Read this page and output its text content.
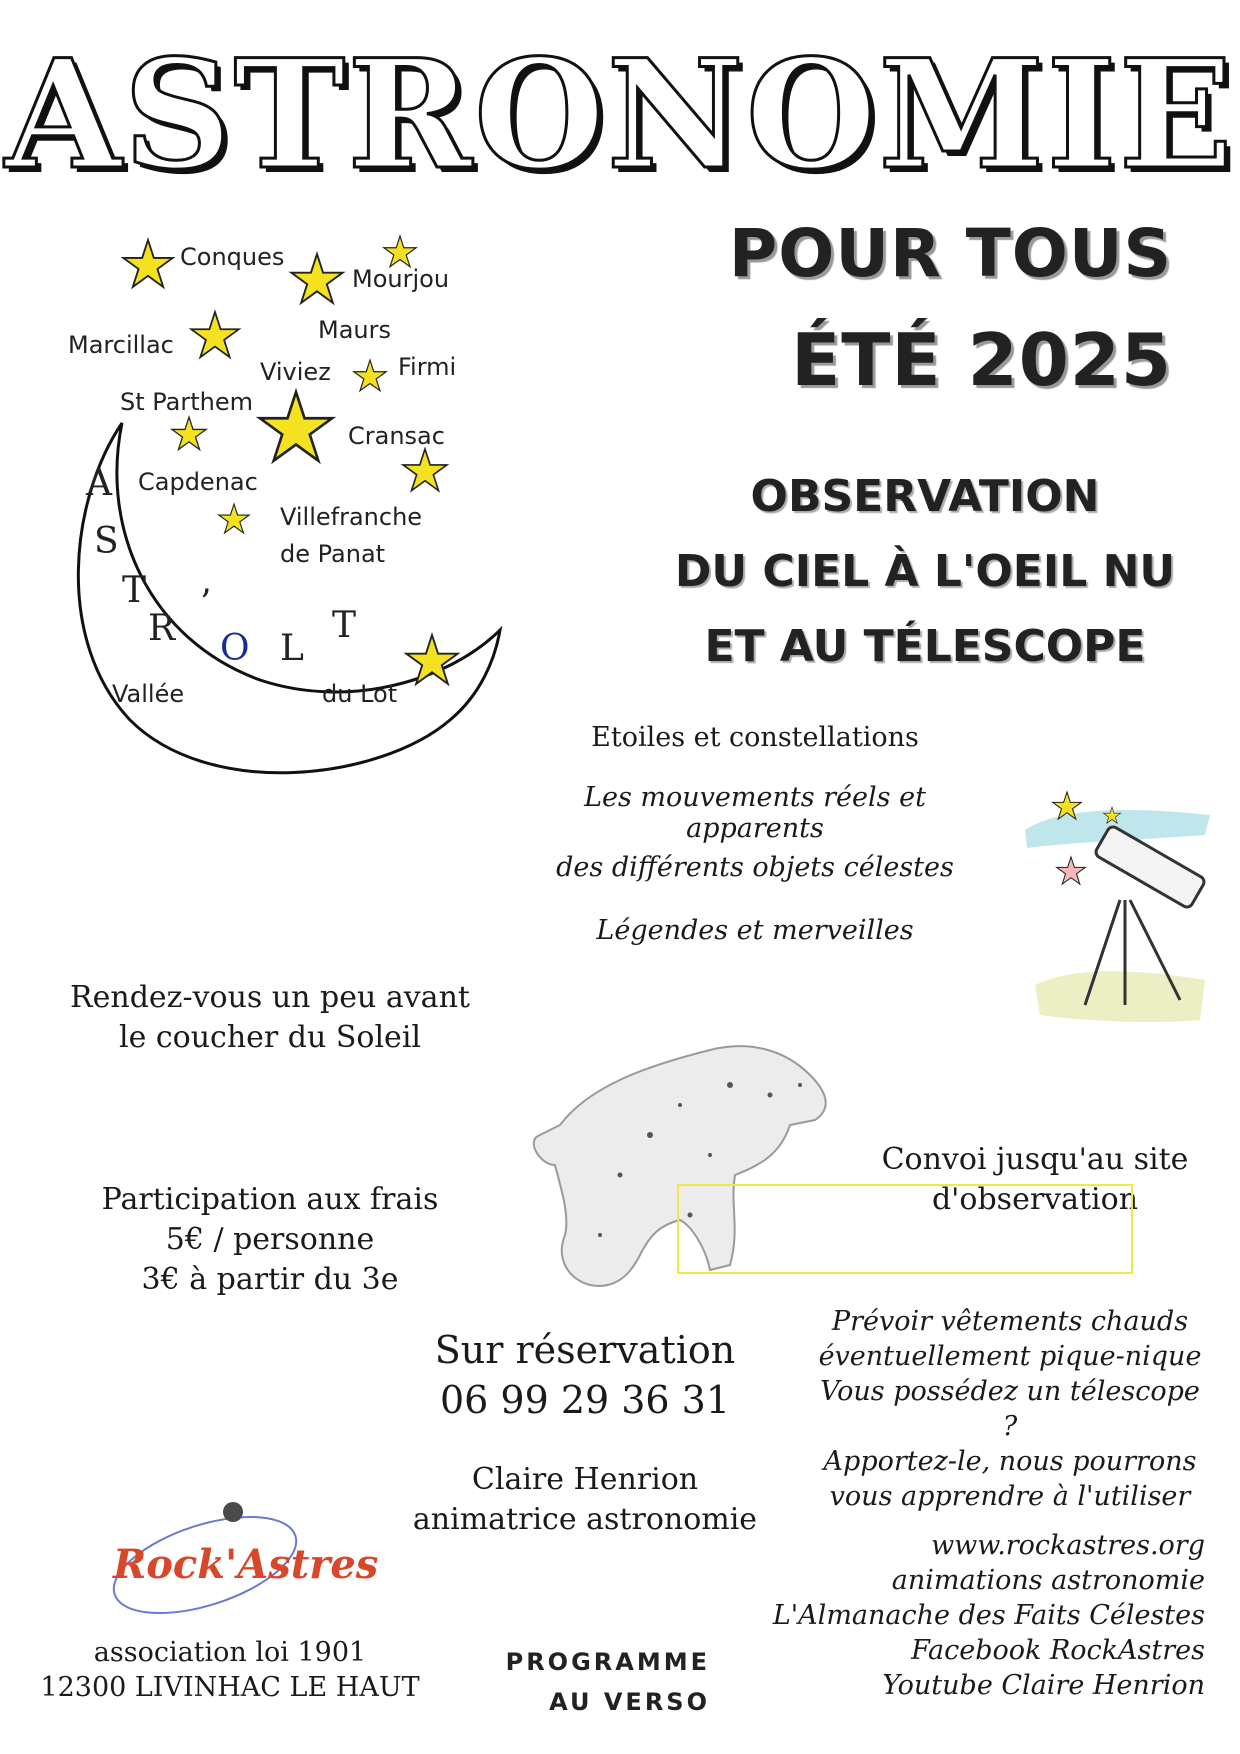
ASTRONOMIE
POUR TOUS
ÉTÉ 2025
Conques
Mourjou
Marcillac
Maurs
Viviez	Firmi
St Parthem
Cransac
Capdenac
Villefranche
de Panat
Vallée	du Lot
A
S
T
R
’
O L
T
OBSERVATION
DU CIEL À L'OEIL NU
ET AU TÉLESCOPE
Etoiles et constellations
Les mouvements réels et apparents
des différents objets célestes
Légendes et merveilles
Rendez-vous un peu avant
le coucher du Soleil
Convoi jusqu'au site
d'observation
Participation aux frais
5€ / personne
3€ à partir du 3e
Sur réservation
06 99 29 36 31
Prévoir vêtements chauds
éventuellement pique-nique
Vous possédez un télescope ?
Apportez-le, nous pourrons
vous apprendre à l'utiliser
Claire Henrion
animatrice astronomie
Rock'Astres
association loi 1901
12300 LIVINHAC LE HAUT
PROGRAMME
AU VERSO
www.rockastres.org
animations astronomie
L'Almanache des Faits Célestes
Facebook RockAstres
Youtube Claire Henrion
